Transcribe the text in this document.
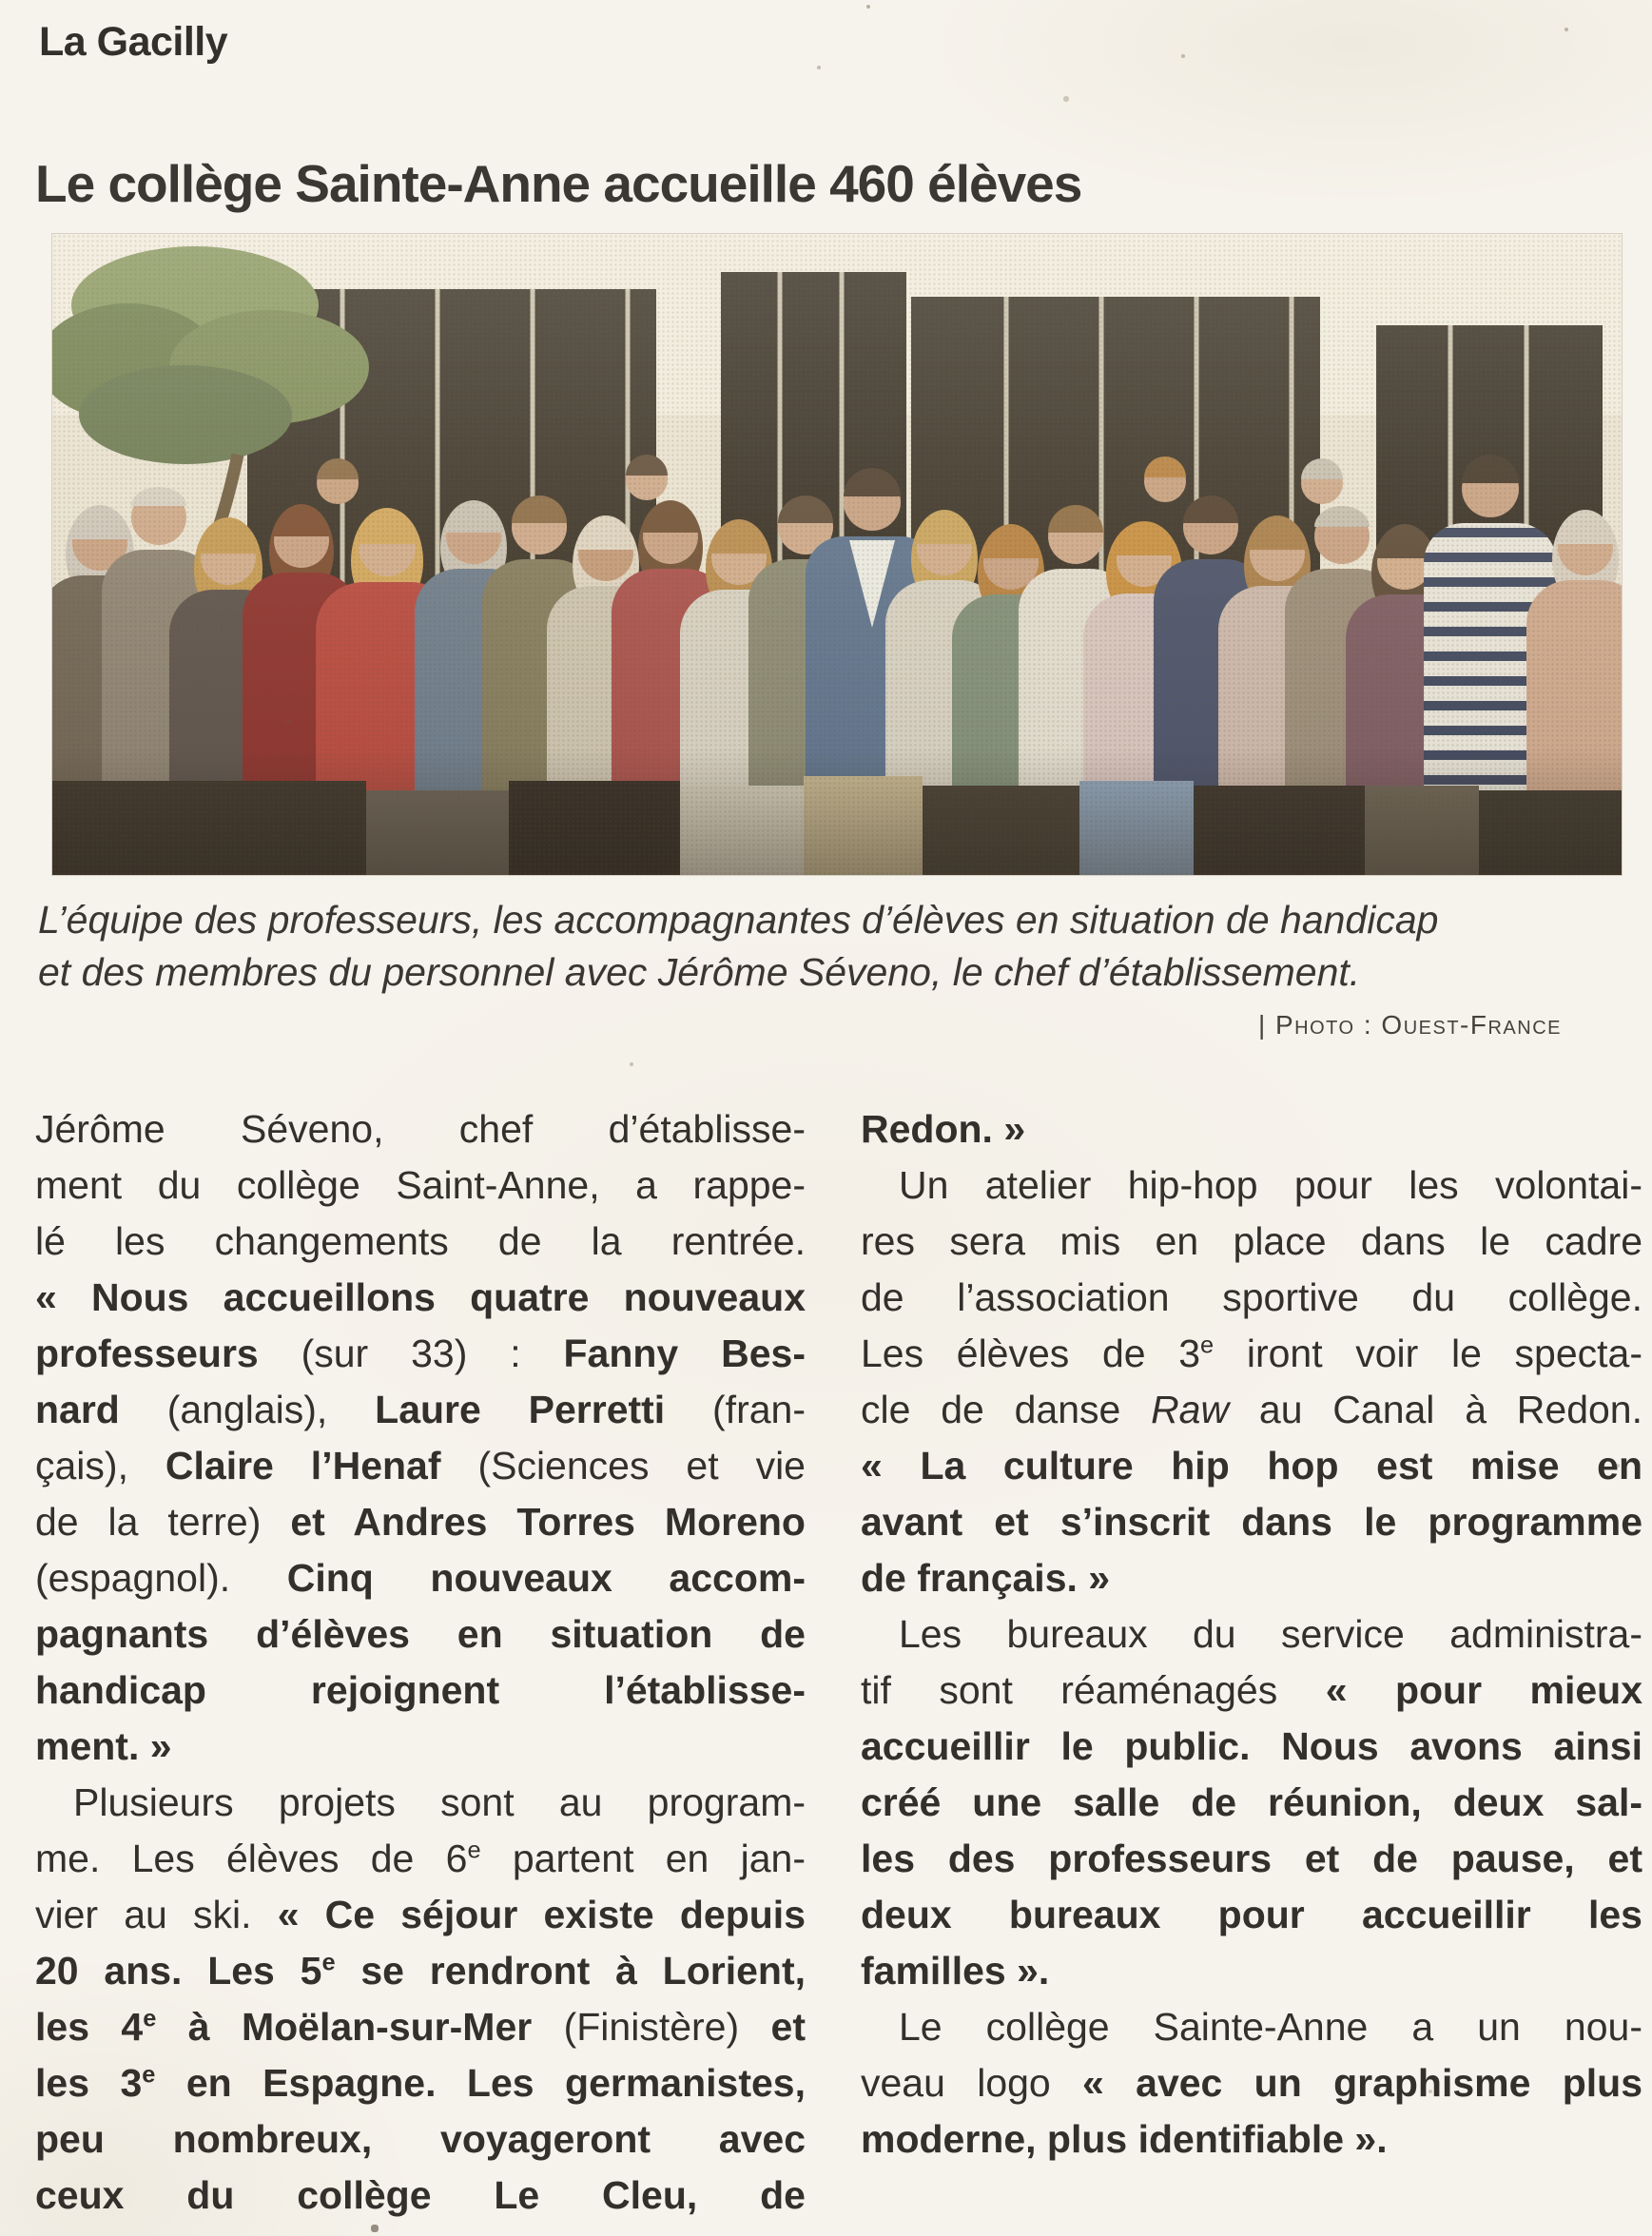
La Gacilly
Le collège Sainte-Anne accueille 460 élèves
L’équipe des professeurs, les accompagnantes d’élèves en situation de handicap
et des membres du personnel avec Jérôme Séveno, le chef d’établissement.
| Photo : Ouest-France
Jérôme Séveno, chef d’établisse-
ment du collège Saint-Anne, a rappe-
lé les changements de la rentrée.
« Nous accueillons quatre nouveaux
professeurs (sur 33) : Fanny Bes-
nard (anglais), Laure Perretti (fran-
çais), Claire l’Henaf (Sciences et vie
de la terre) et Andres Torres Moreno
(espagnol). Cinq nouveaux accom-
pagnants d’élèves en situation de
handicap rejoignent l’établisse-
ment. »
Plusieurs projets sont au program-
me. Les élèves de 6e partent en jan-
vier au ski. « Ce séjour existe depuis
20 ans. Les 5e se rendront à Lorient,
les 4e à Moëlan-sur-Mer (Finistère) et
les 3e en Espagne. Les germanistes,
peu nombreux, voyageront avec
ceux du collège Le Cleu, de
Redon. »
Un atelier hip-hop pour les volontai-
res sera mis en place dans le cadre
de l’association sportive du collège.
Les élèves de 3e iront voir le specta-
cle de danse Raw au Canal à Redon.
« La culture hip hop est mise en
avant et s’inscrit dans le programme
de français. »
Les bureaux du service administra-
tif sont réaménagés « pour mieux
accueillir le public. Nous avons ainsi
créé une salle de réunion, deux sal-
les des professeurs et de pause, et
deux bureaux pour accueillir les
familles ».
Le collège Sainte-Anne a un nou-
veau logo « avec un graphisme plus
moderne, plus identifiable ».
